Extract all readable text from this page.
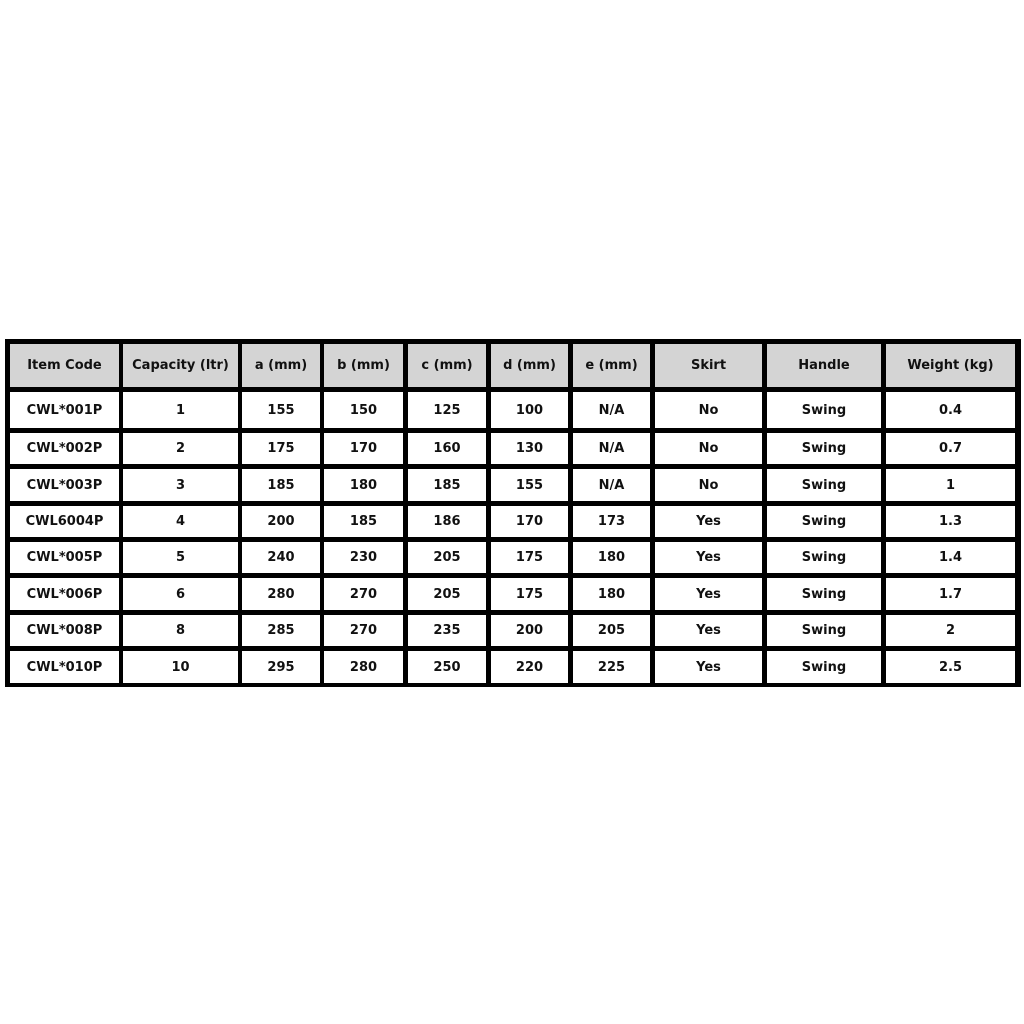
Item Code	Capacity (ltr)	a (mm)	b (mm)	c (mm)	d (mm)	e (mm)	Skirt	Handle	Weight (kg)
CWL*001P	1	155	150	125	100	N/A	No	Swing	0.4
CWL*002P	2	175	170	160	130	N/A	No	Swing	0.7
CWL*003P	3	185	180	185	155	N/A	No	Swing	1
CWL6004P	4	200	185	186	170	173	Yes	Swing	1.3
CWL*005P	5	240	230	205	175	180	Yes	Swing	1.4
CWL*006P	6	280	270	205	175	180	Yes	Swing	1.7
CWL*008P	8	285	270	235	200	205	Yes	Swing	2
CWL*010P	10	295	280	250	220	225	Yes	Swing	2.5
